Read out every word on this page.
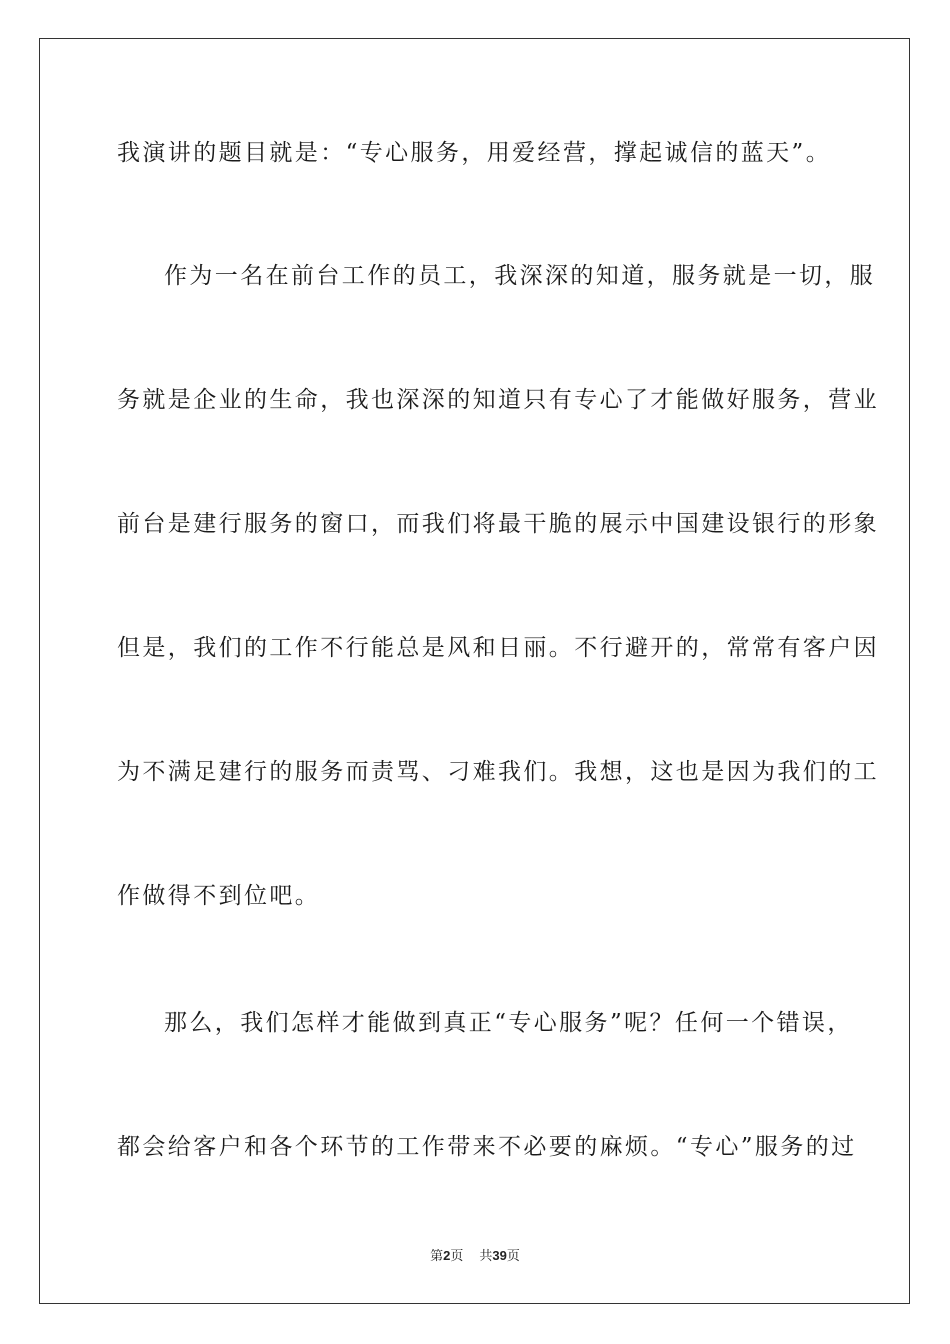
我演讲的题目就是：“专心服务，用爱经营，撑起诚信的蓝天”。
作为一名在前台工作的员工，我深深的知道，服务就是一切，服
务就是企业的生命，我也深深的知道只有专心了才能做好服务，营业
前台是建行服务的窗口，而我们将最干脆的展示中国建设银行的形象
但是，我们的工作不行能总是风和日丽。不行避开的，常常有客户因
为不满足建行的服务而责骂、刁难我们。我想，这也是因为我们的工
作做得不到位吧。
那么，我们怎样才能做到真正“专心服务”呢？任何一个错误，
都会给客户和各个环节的工作带来不必要的麻烦。“专心”服务的过
第2页 共39页
